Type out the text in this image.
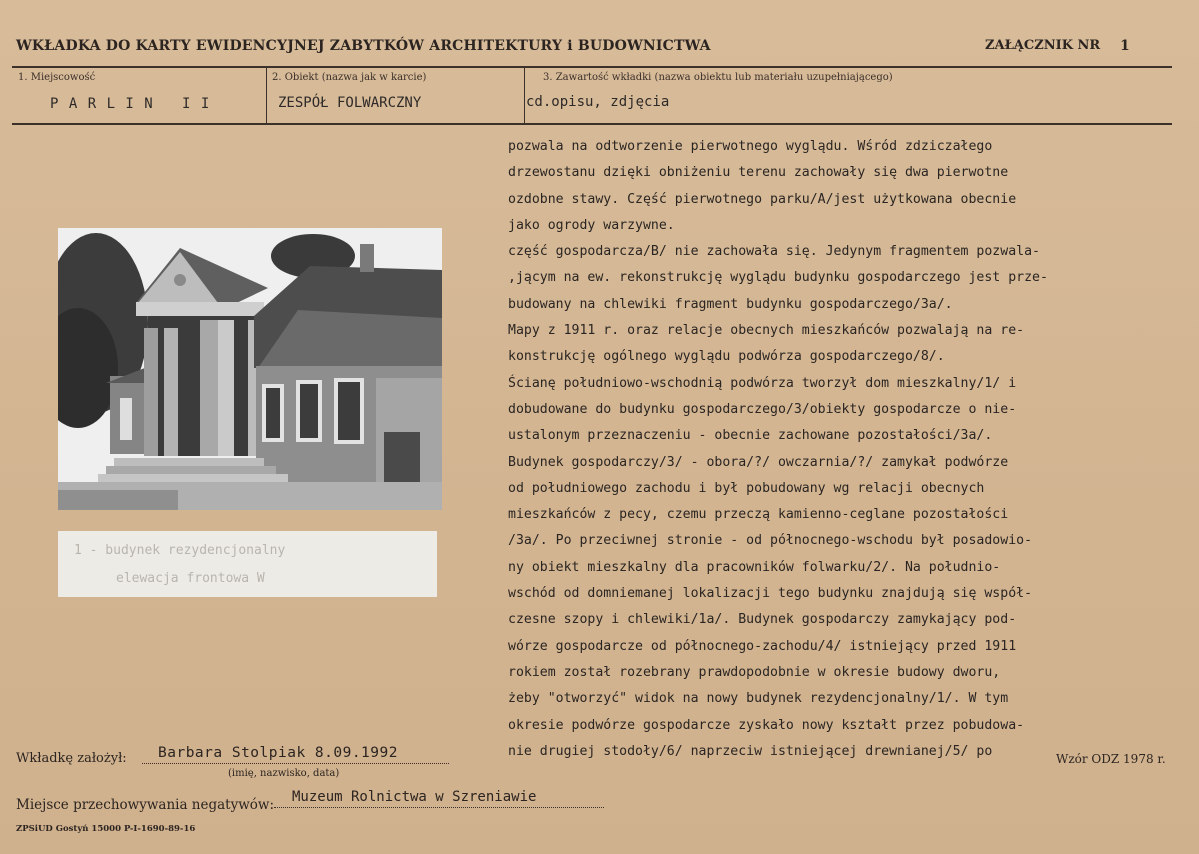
WKŁADKA DO KARTY EWIDENCYJNEJ ZABYTKÓW ARCHITEKTURY i BUDOWNICTWA	ZAŁĄCZNIK NR 1
1. Miejscowość
P A R L I N   I I
2. Obiekt (nazwa jak w karcie)
ZESPÓŁ FOLWARCZNY
3. Zawartość wkładki (nazwa obiektu lub materiału uzupełniającego)
cd.opisu, zdjęcia
pozwala na odtworzenie pierwotnego wyglądu. Wśród zdziczałego
drzewostanu dzięki obniżeniu terenu zachowały się dwa pierwotne
ozdobne stawy. Część pierwotnego parku/A/jest użytkowana obecnie
jako ogrody warzywne.
część gospodarcza/B/ nie zachowała się. Jedynym fragmentem pozwala-
,jącym na ew. rekonstrukcję wyglądu budynku gospodarczego jest prze-
budowany na chlewiki fragment budynku gospodarczego/3a/.
Mapy z 1911 r. oraz relacje obecnych mieszkańców pozwalają na re-
konstrukcję ogólnego wyglądu podwórza gospodarczego/8/.
Ścianę południowo-wschodnią podwórza tworzył dom mieszkalny/1/ i
dobudowane do budynku gospodarczego/3/obiekty gospodarcze o nie-
ustalonym przeznaczeniu - obecnie zachowane pozostałości/3a/.
Budynek gospodarczy/3/ - obora/?/ owczarnia/?/ zamykał podwórze
od południowego zachodu i był pobudowany wg relacji obecnych
mieszkańców z pecy, czemu przeczą kamienno-ceglane pozostałości
/3a/. Po przeciwnej stronie - od północnego-wschodu był posadowio-
ny obiekt mieszkalny dla pracowników folwarku/2/. Na południo-
wschód od domniemanej lokalizacji tego budynku znajdują się współ-
czesne szopy i chlewiki/1a/. Budynek gospodarczy zamykający pod-
wórze gospodarcze od północnego-zachodu/4/ istniejący przed 1911
rokiem został rozebrany prawdopodobnie w okresie budowy dworu,
żeby "otworzyć" widok na nowy budynek rezydencjonalny/1/. W tym
okresie podwórze gospodarcze zyskało nowy kształt przez pobudowa-
nie drugiej stodoły/6/ naprzeciw istniejącej drewnianej/5/ po
1 - budynek rezydencjonalny
elewacja frontowa W
Wkładkę założył: Barbara Stolpiak 8.09.1992
(imię, nazwisko, data)
Wzór ODZ 1978 r.
Miejsce przechowywania negatywów: Muzeum Rolnictwa w Szreniawie
ZPSiUD Gostyń 15000 P-I-1690-89-16
